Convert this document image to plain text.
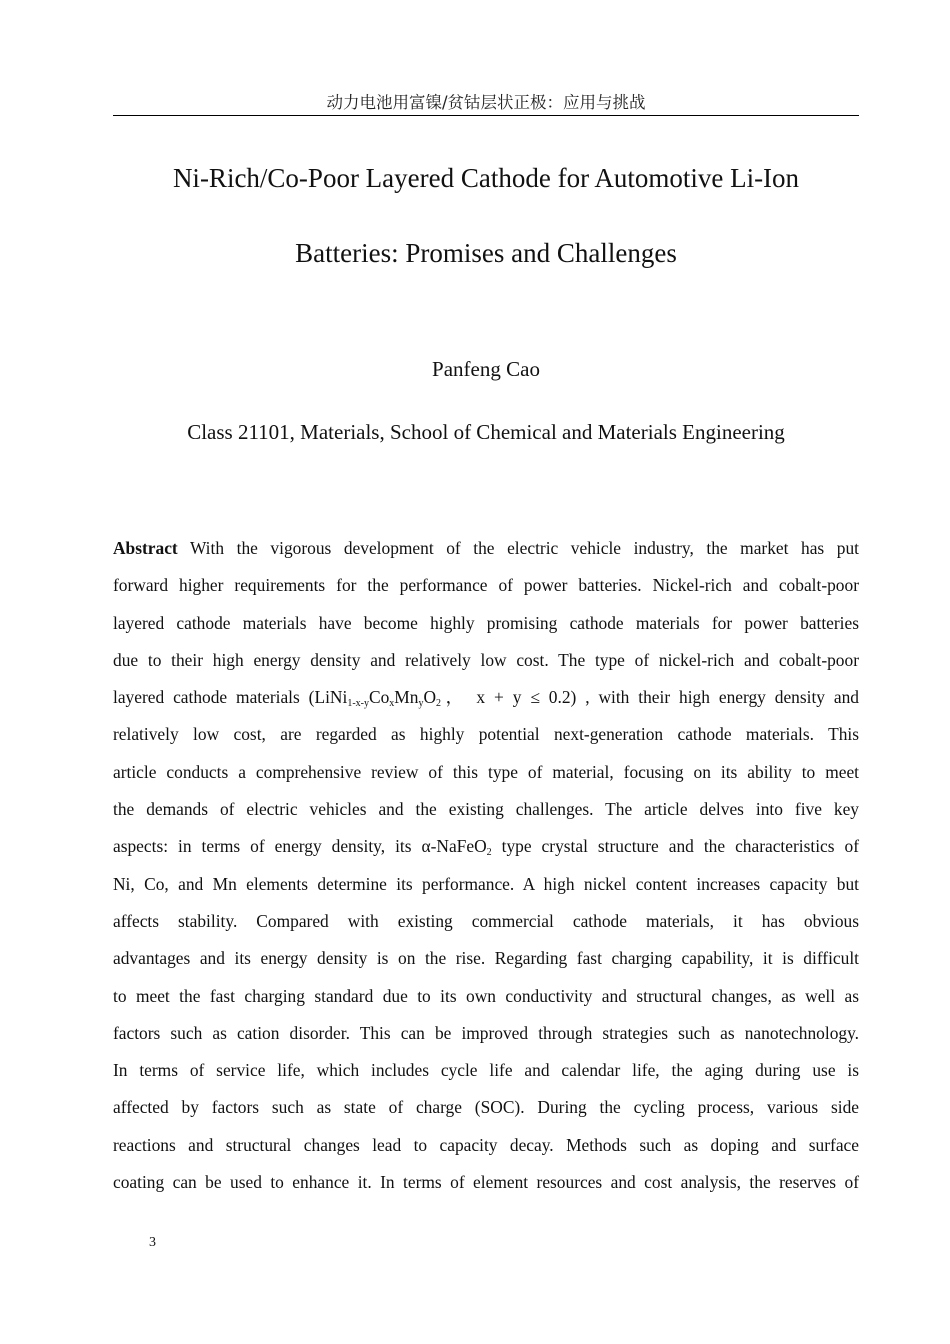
动力电池用富镍/贫钴层状正极：应用与挑战
Ni-Rich/Co-Poor Layered Cathode for Automotive Li-Ion
Batteries: Promises and Challenges
Panfeng Cao
Class 21101, Materials, School of Chemical and Materials Engineering
Abstract With the vigorous development of the electric vehicle industry, the market has put
forward higher requirements for the performance of power batteries. Nickel-rich and cobalt-poor
layered cathode materials have become highly promising cathode materials for power batteries
due to their high energy density and relatively low cost. The type of nickel-rich and cobalt-poor
layered cathode materials ($LiNi_{1-x-y}Co_xMn_yO_2$， x + y ≤ 0.2) , with their high energy density and
relatively low cost, are regarded as highly potential next-generation cathode materials. This
article conducts a comprehensive review of this type of material, focusing on its ability to meet
the demands of electric vehicles and the existing challenges. The article delves into five key
aspects: in terms of energy density, its α-NaFeO$_2$ type crystal structure and the characteristics of
Ni, Co, and Mn elements determine its performance. A high nickel content increases capacity but
affects stability. Compared with existing commercial cathode materials, it has obvious
advantages and its energy density is on the rise. Regarding fast charging capability, it is difficult
to meet the fast charging standard due to its own conductivity and structural changes, as well as
factors such as cation disorder. This can be improved through strategies such as nanotechnology.
In terms of service life, which includes cycle life and calendar life, the aging during use is
affected by factors such as state of charge (SOC). During the cycling process, various side
reactions and structural changes lead to capacity decay. Methods such as doping and surface
coating can be used to enhance it. In terms of element resources and cost analysis, the reserves of
3
